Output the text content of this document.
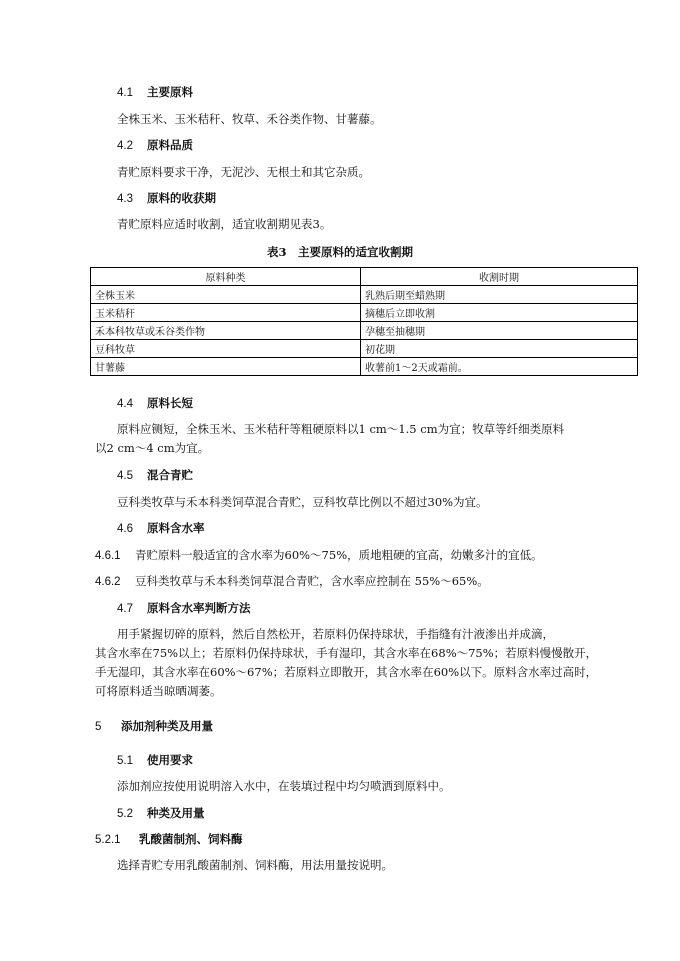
4.1 主要原料
全株玉米、玉米秸秆、牧草、禾谷类作物、甘薯藤。
4.2 原料品质
青贮原料要求干净，无泥沙、无根土和其它杂质。
4.3 原料的收获期
青贮原料应适时收割，适宜收割期见表3。
表3　主要原料的适宜收割期
原料种类	收割时期
全株玉米	乳熟后期至蜡熟期
玉米秸秆	摘穗后立即收割
禾本科牧草或禾谷类作物	孕穗至抽穗期
豆科牧草	初花期
甘薯藤	收薯前1～2天或霜前。
4.4 原料长短
原料应铡短，全株玉米、玉米秸秆等粗硬原料以1 cm～1.5 cm为宜；牧草等纤细类原料
以2 cm～4 cm为宜。
4.5 混合青贮
豆科类牧草与禾本科类饲草混合青贮，豆科牧草比例以不超过30%为宜。
4.6 原料含水率
4.6.1 青贮原料一般适宜的含水率为60%～75%，质地粗硬的宜高，幼嫩多汁的宜低。
4.6.2 豆科类牧草与禾本科类饲草混合青贮，含水率应控制在 55%～65%。
4.7 原料含水率判断方法
用手紧握切碎的原料，然后自然松开，若原料仍保持球状，手指缝有汁液渗出并成滴，
其含水率在75%以上；若原料仍保持球状，手有湿印，其含水率在68%～75%；若原料慢慢散开，
手无湿印，其含水率在60%～67%；若原料立即散开，其含水率在60%以下。原料含水率过高时，
可将原料适当晾晒凋萎。
5 添加剂种类及用量
5.1 使用要求
添加剂应按使用说明溶入水中，在装填过程中均匀喷洒到原料中。
5.2 种类及用量
5.2.1 乳酸菌制剂、饲料酶
选择青贮专用乳酸菌制剂、饲料酶，用法用量按说明。
